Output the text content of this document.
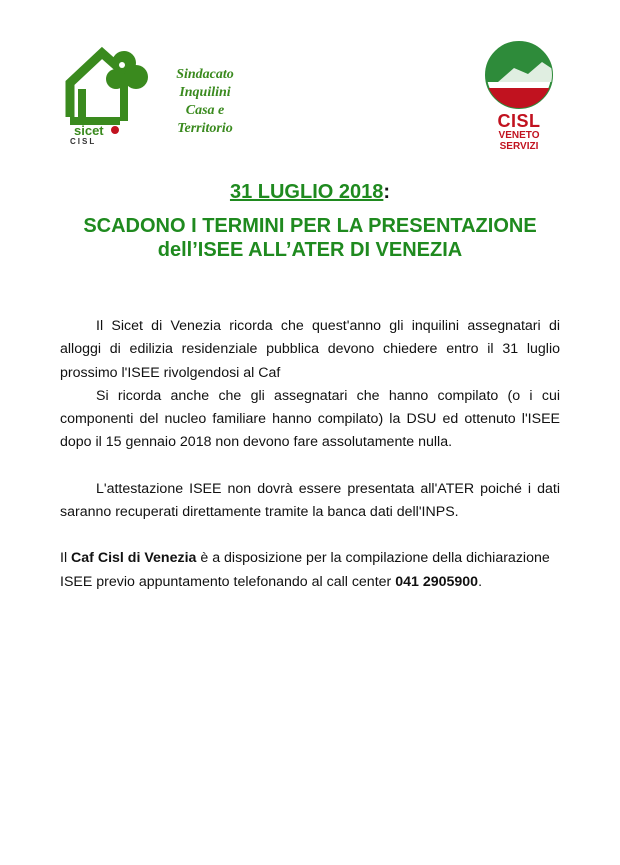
sicet
CISL
Sindacato
Inquilini
Casa e
Territorio	CISL
VENETO
SERVIZI
31 LUGLIO 2018:
SCADONO I TERMINI PER LA PRESENTAZIONE
dell’ISEE ALL’ATER DI VENEZIA

Il Sicet di Venezia ricorda che quest'anno gli inquilini assegnatari di alloggi di edilizia residenziale pubblica devono chiedere entro il 31 luglio prossimo l'ISEE rivolgendosi al Caf

Si ricorda anche che gli assegnatari che hanno compilato (o i cui componenti del nucleo familiare hanno compilato) la DSU ed ottenuto l'ISEE dopo il 15 gennaio 2018 non devono fare assolutamente nulla.

L'attestazione ISEE non dovrà essere presentata all'ATER poiché i dati saranno recuperati direttamente tramite la banca dati dell'INPS.

Il Caf Cisl di Venezia è a disposizione per la compilazione della dichiarazione ISEE previo appuntamento telefonando al call center 041 2905900.
